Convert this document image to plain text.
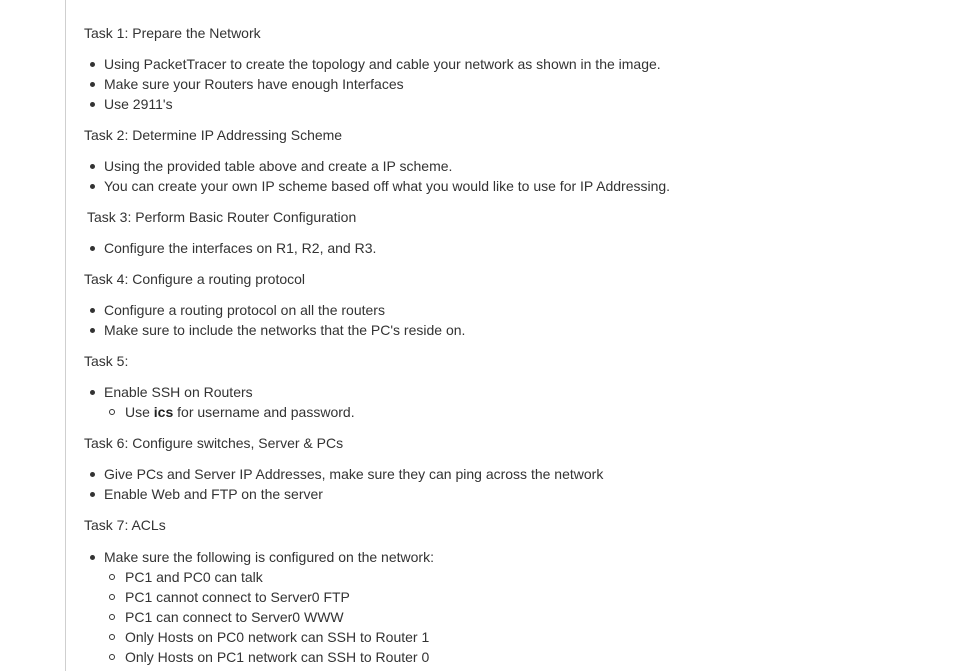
Task 1: Prepare the Network

Using PacketTracer to create the topology and cable your network as shown in the image.
Make sure your Routers have enough Interfaces
Use 2911's

Task 2: Determine IP Addressing Scheme

Using the provided table above and create a IP scheme.
You can create your own IP scheme based off what you would like to use for IP Addressing.

Task 3: Perform Basic Router Configuration

Configure the interfaces on R1, R2, and R3.

Task 4: Configure a routing protocol

Configure a routing protocol on all the routers
Make sure to include the networks that the PC's reside on.

Task 5:

Enable SSH on Routers
Use ics for username and password.

Task 6: Configure switches, Server & PCs

Give PCs and Server IP Addresses, make sure they can ping across the network
Enable Web and FTP on the server

Task 7: ACLs

Make sure the following is configured on the network:
PC1 and PC0 can talk
PC1 cannot connect to Server0 FTP
PC1 can connect to Server0 WWW
Only Hosts on PC0 network can SSH to Router 1
Only Hosts on PC1 network can SSH to Router 0
